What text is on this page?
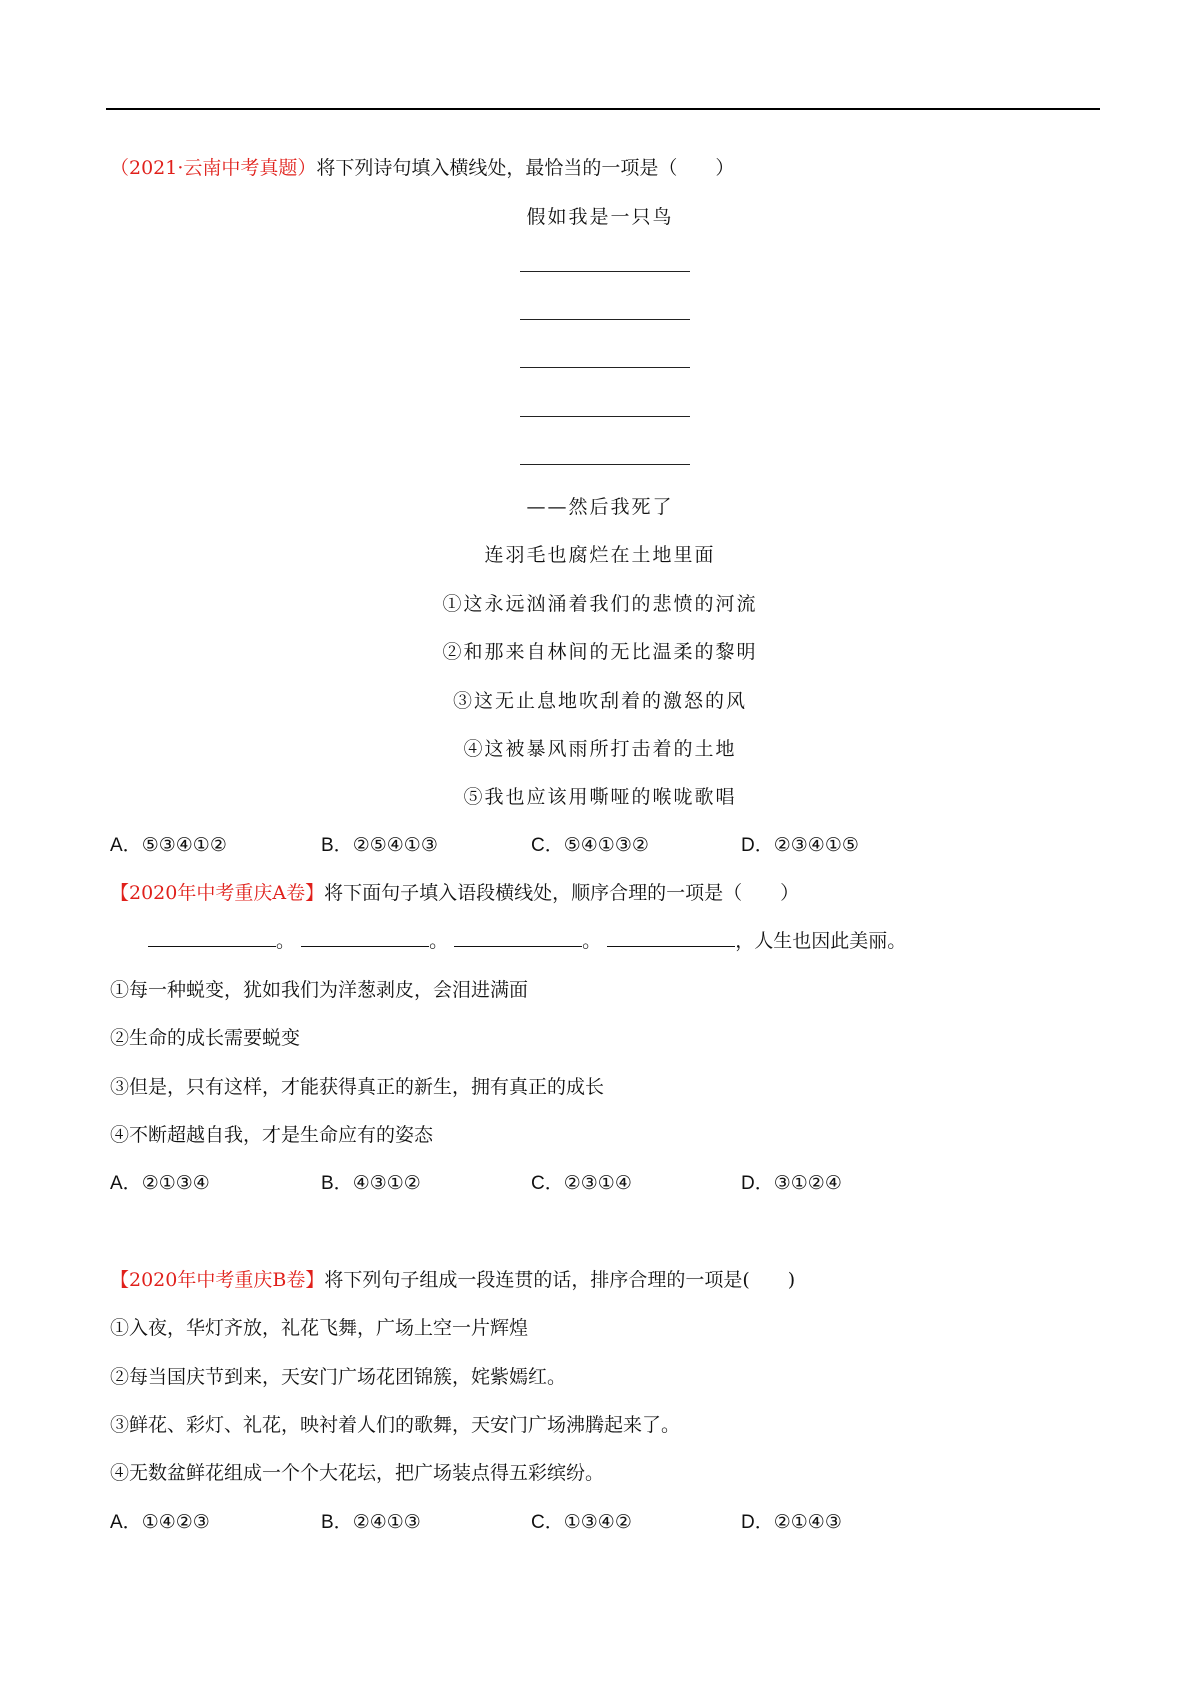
（2021·云南中考真题）将下列诗句填入横线处，最恰当的一项是（　　）
假如我是一只鸟
——然后我死了
连羽毛也腐烂在土地里面
①这永远汹涌着我们的悲愤的河流
②和那来自林间的无比温柔的黎明
③这无止息地吹刮着的激怒的风
④这被暴风雨所打击着的土地
⑤我也应该用嘶哑的喉咙歌唱
A．⑤③④①②	B．②⑤④①③	C．⑤④①③②	D．②③④①⑤
【2020年中考重庆A卷】将下面句子填入语段横线处，顺序合理的一项是（　　）
。	。	。	，人生也因此美丽。
①每一种蜕变，犹如我们为洋葱剥皮，会泪进满面
②生命的成长需要蜕变
③但是，只有这样，才能获得真正的新生，拥有真正的成长
④不断超越自我，才是生命应有的姿态
A．②①③④	B．④③①②	C．②③①④	D．③①②④
【2020年中考重庆B卷】将下列句子组成一段连贯的话，排序合理的一项是(　　)
①入夜，华灯齐放，礼花飞舞，广场上空一片辉煌
②每当国庆节到来，天安门广场花团锦簇，姹紫嫣红。
③鲜花、彩灯、礼花，映衬着人们的歌舞，天安门广场沸腾起来了。
④无数盆鲜花组成一个个大花坛，把广场装点得五彩缤纷。
A．①④②③	B．②④①③	C．①③④②	D．②①④③
